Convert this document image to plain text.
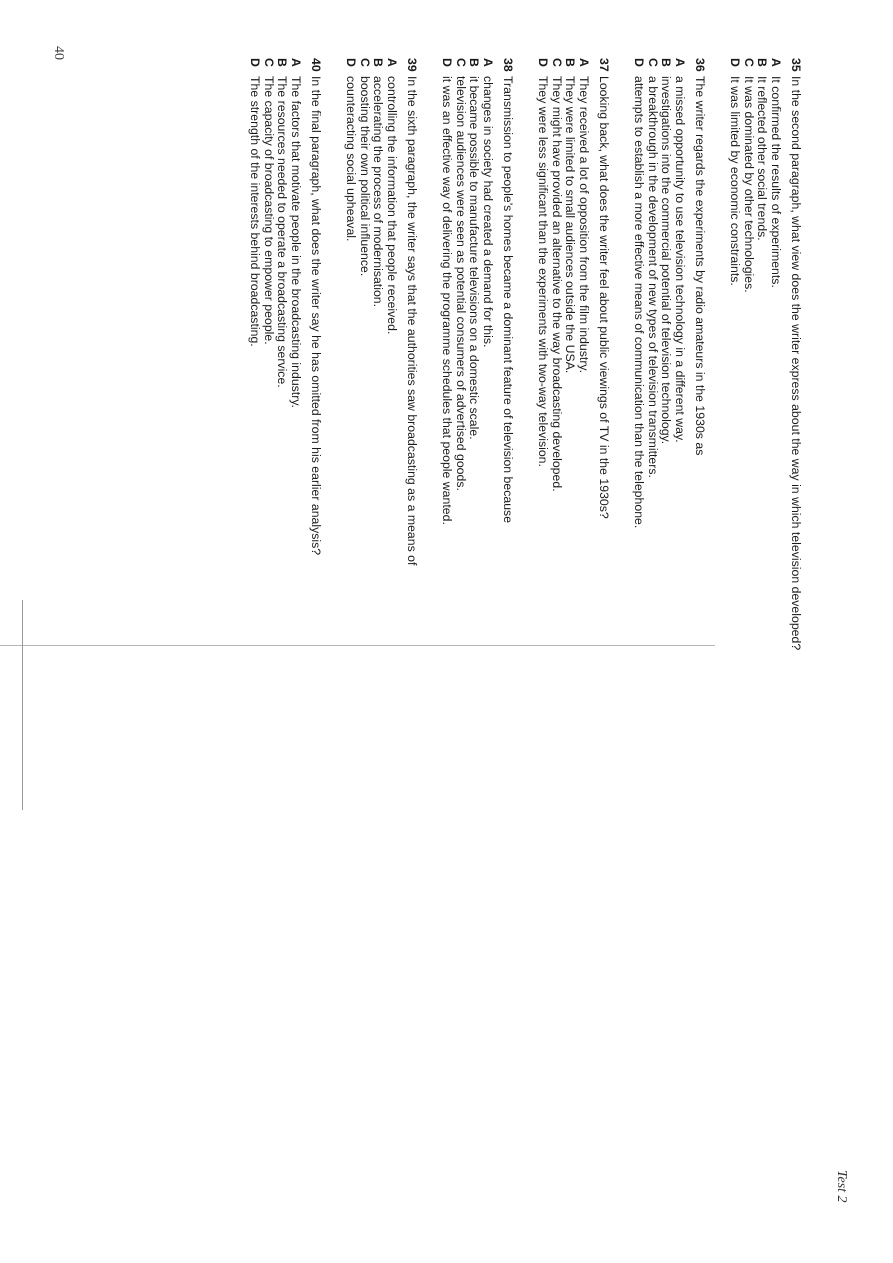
Test 2
40
35
In the second paragraph, what view does the writer express about the way in which television developed?
A
It confirmed the results of experiments.
B
It reflected other social trends.
C
It was dominated by other technologies.
D
It was limited by economic constraints.
36
The writer regards the experiments by radio amateurs in the 1930s as
A
a missed opportunity to use television technology in a different way.
B
investigations into the commercial potential of television technology.
C
a breakthrough in the development of new types of television transmitters.
D
attempts to establish a more effective means of communication than the telephone.
37
Looking back, what does the writer feel about public viewings of TV in the 1930s?
A
They received a lot of opposition from the film industry.
B
They were limited to small audiences outside the USA.
C
They might have provided an alternative to the way broadcasting developed.
D
They were less significant than the experiments with two-way television.
38
Transmission to people’s homes became a dominant feature of television because
A
changes in society had created a demand for this.
B
it became possible to manufacture televisions on a domestic scale.
C
television audiences were seen as potential consumers of advertised goods.
D
it was an effective way of delivering the programme schedules that people wanted.
39
In the sixth paragraph, the writer says that the authorities saw broadcasting as a means of
A
controlling the information that people received.
B
accelerating the process of modernisation.
C
boosting their own political influence.
D
counteracting social upheaval.
40
In the final paragraph, what does the writer say he has omitted from his earlier analysis?
A
The factors that motivate people in the broadcasting industry.
B
The resources needed to operate a broadcasting service.
C
The capacity of broadcasting to empower people.
D
The strength of the interests behind broadcasting.
